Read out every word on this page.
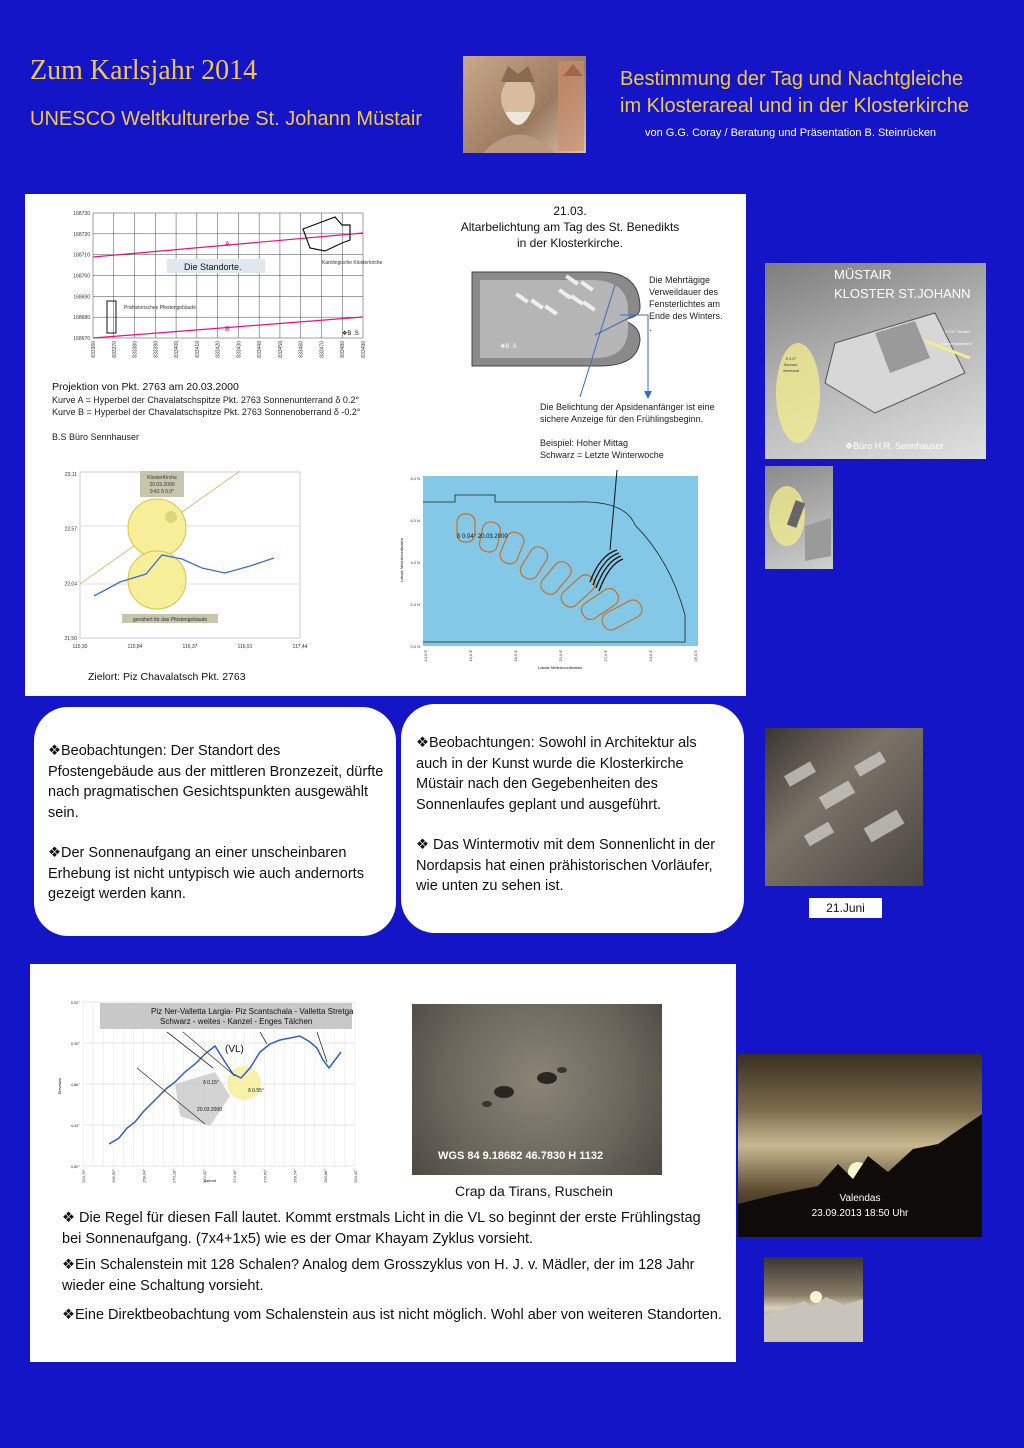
Zum Karlsjahr 2014
UNESCO Weltkulturerbe St. Johann Müstair
Bestimmung der Tag und Nachtgleiche
im Klosterareal und in der Klosterkirche
von G.G. Coray / Beratung und Präsentation B. Steinrücken
168730
168720
168710
168700
168690
168680
168670
833360	833370	833380	833390	833400	833410	833420	833430	833440	833450	833460	833470	833480	833490
A
B
Die Standorte.	Karolingische Klosterkirche
Prähistorisches Pfostengebäude
❖B .S
Projektion von Pkt. 2763 am 20.03.2000
Kurve A = Hyperbel der Chavalatschspitze Pkt. 2763 Sonnenunterrand δ 0.2°
Kurve B = Hyperbel der Chavalatschspitze Pkt. 2763 Sonnenoberrand δ -0.2°
B.S Büro Sennhauser
21.03.
Altarbelichtung am Tag des St. Benedikts
in der Klosterkirche.
❖B .S
Die Mehrtägige
Verweildauer des
Fensterlichtes am
Ende des Winters.
.
Die Belichtung der Apsidenanfänger ist eine
sichere Anzeige für den Frühlingsbeginn.
Beispiel: Hoher Mittag
Schwarz = Letzte Winterwoche
23,11
22,57
22,04
21,50
115,30	115,84	116,37	116,91	117,44
KlosterKirche
20.03.2000
9:42 δ 0.0°
genähert für das Pfostengebäude
Zielort: Piz Chavalatsch Pkt. 2763
8,0 N
6,0 N
4,0 N
2,0 N
0,0 N
14,0 E	16,0 E	18,0 E	20,0 E	22,0 E	24,0 E	26,0 E
Lokale Meterkoordinaten
Lokale Meterkoordinaten
δ 0.04° 20.03.2000
MÜSTAIR
KLOSTER ST.JOHANN
δ 0.0° Fenster
Sonnenunterrand
δ 0.0°
Sonnen-
oberrand
❖Büro H.R. Sennhauser
❖Beobachtungen: Der Standort des Pfostengebäude aus der mittleren Bronzezeit, dürfte nach pragmatischen Gesichtspunkten ausgewählt sein.
❖Der Sonnenaufgang an einer unscheinbaren Erhebung ist nicht untypisch wie auch andernorts gezeigt werden kann.
❖Beobachtungen: Sowohl in Architektur als auch in der Kunst wurde die Klosterkirche Müstair nach den Gegebenheiten des Sonnenlaufes geplant und ausgeführt.
❖ Das Wintermotiv mit dem Sonnenlicht in der Nordapsis hat einen prähistorischen Vorläufer, wie unten zu sehen ist.
21.Juni
5,92°
5,39°
4,86°
4,33°
3,80°
263,76°	265,90°	268,04°	270,18°	272,32°	274,46°	276,60°	278,74°	280,88°	283,02°
Elevation
Azimut
Piz Ner-Valletta Largia- Piz Scantschala - Valletta Stretga
Schwarz - weites - Kanzel - Enges Tälchen
(VL)
δ 0.15°
δ 0.55°
20.03.2000
WGS 84 9.18682 46.7830 H 1132
Crap da Tirans, Ruschein
❖ Die Regel für diesen Fall lautet. Kommt erstmals Licht in die VL so beginnt der erste Frühlingstag bei Sonnenaufgang. (7x4+1x5) wie es der Omar Khayam Zyklus vorsieht.
❖Ein Schalenstein mit 128 Schalen? Analog dem Grosszyklus von H. J. v. Mädler, der im 128 Jahr wieder eine Schaltung vorsieht.
❖Eine Direktbeobachtung vom Schalenstein aus ist nicht möglich. Wohl aber von weiteren Standorten.
Valendas
23.09.2013 18:50 Uhr
